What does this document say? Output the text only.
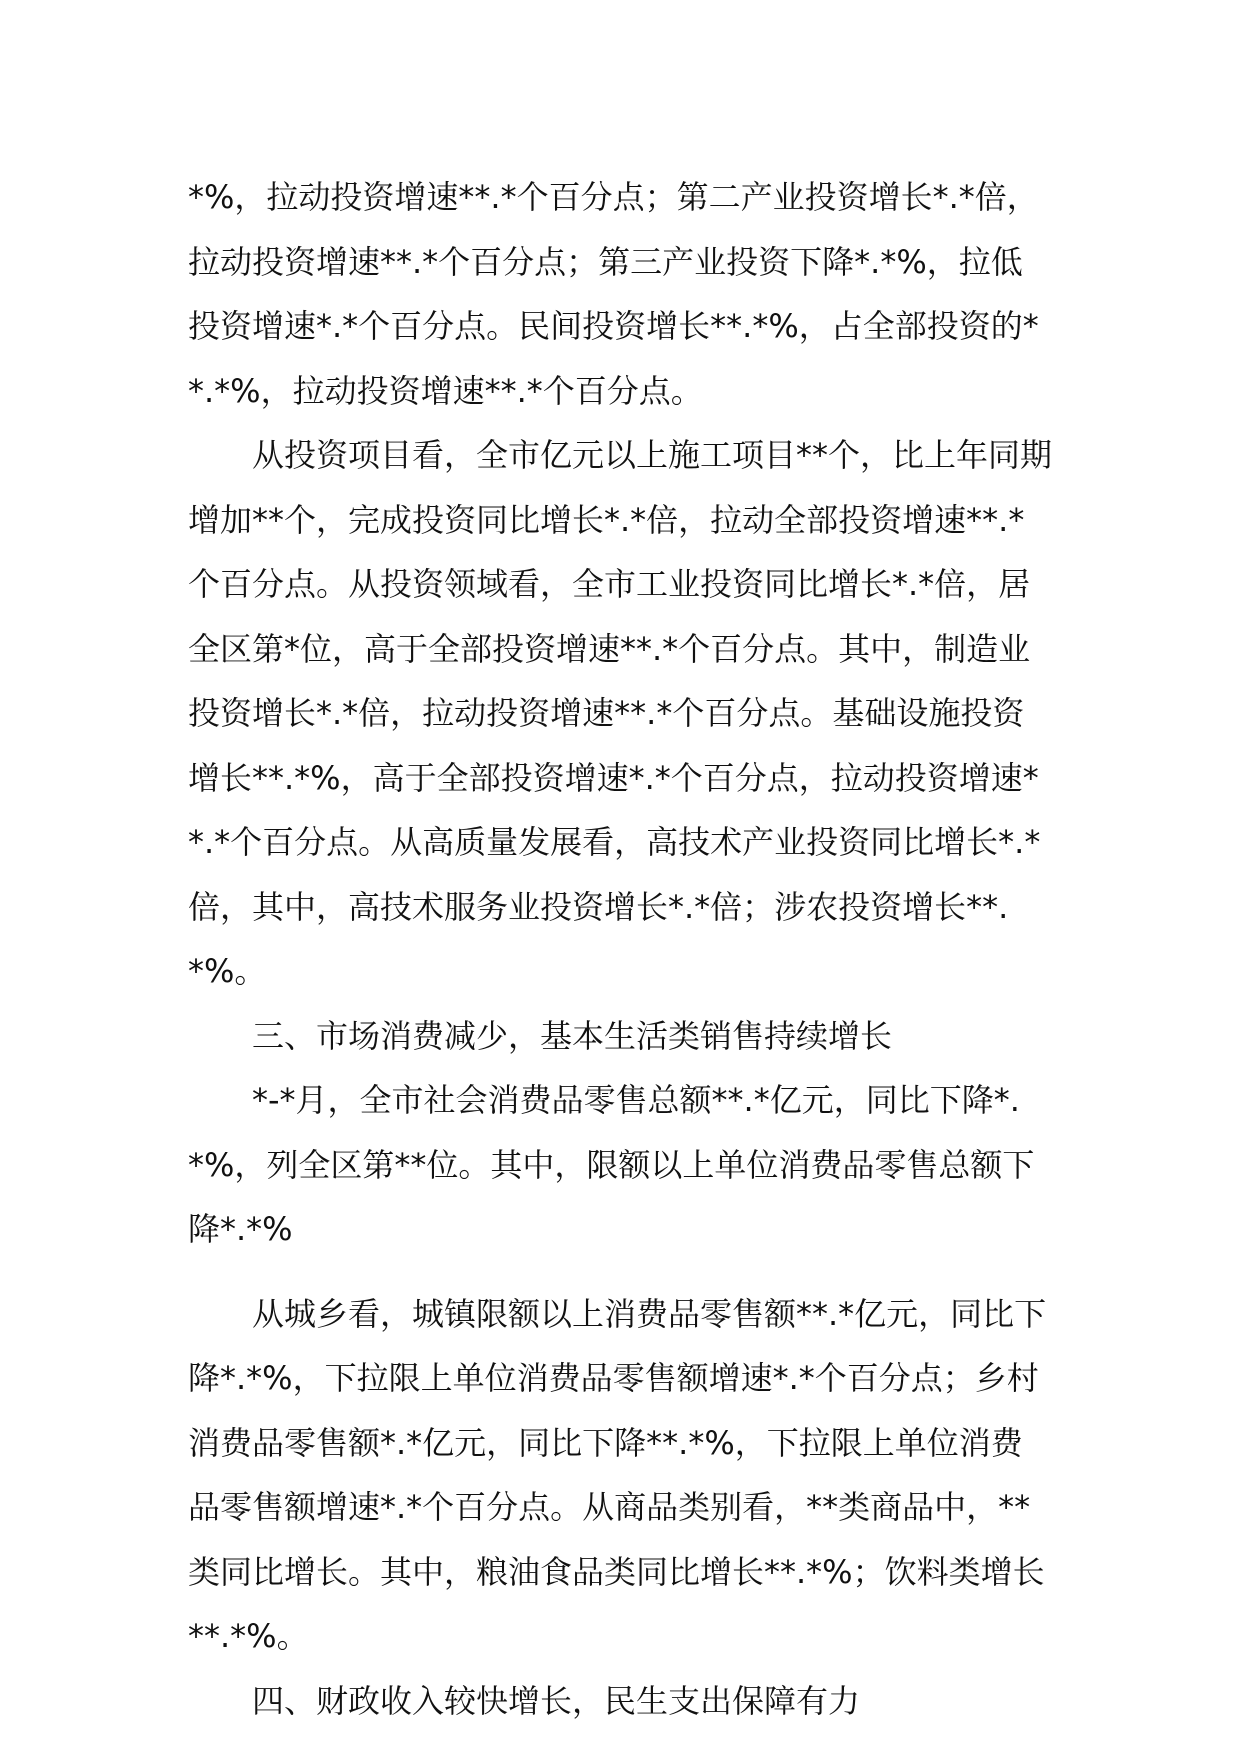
*%，拉动投资增速**.*个百分点；第二产业投资增长*.*倍，拉动投资增速**.*个百分点；第三产业投资下降*.*%，拉低投资增速*.*个百分点。民间投资增长**.*%，占全部投资的**.*%，拉动投资增速**.*个百分点。

从投资项目看，全市亿元以上施工项目**个，比上年同期增加**个，完成投资同比增长*.*倍，拉动全部投资增速**.*个百分点。从投资领域看，全市工业投资同比增长*.*倍，居全区第*位，高于全部投资增速**.*个百分点。其中，制造业投资增长*.*倍，拉动投资增速**.*个百分点。基础设施投资增长**.*%，高于全部投资增速*.*个百分点，拉动投资增速**.*个百分点。从高质量发展看，高技术产业投资同比增长*.*倍，其中，高技术服务业投资增长*.*倍；涉农投资增长**.*%。

三、市场消费减少，基本生活类销售持续增长

*-*月，全市社会消费品零售总额**.*亿元，同比下降*.*%，列全区第**位。其中，限额以上单位消费品零售总额下降*.*%

从城乡看，城镇限额以上消费品零售额**.*亿元，同比下降*.*%，下拉限上单位消费品零售额增速*.*个百分点；乡村消费品零售额*.*亿元，同比下降**.*%，下拉限上单位消费品零售额增速*.*个百分点。从商品类别看，**类商品中，**类同比增长。其中，粮油食品类同比增长**.*%；饮料类增长**.*%。

四、财政收入较快增长，民生支出保障有力
